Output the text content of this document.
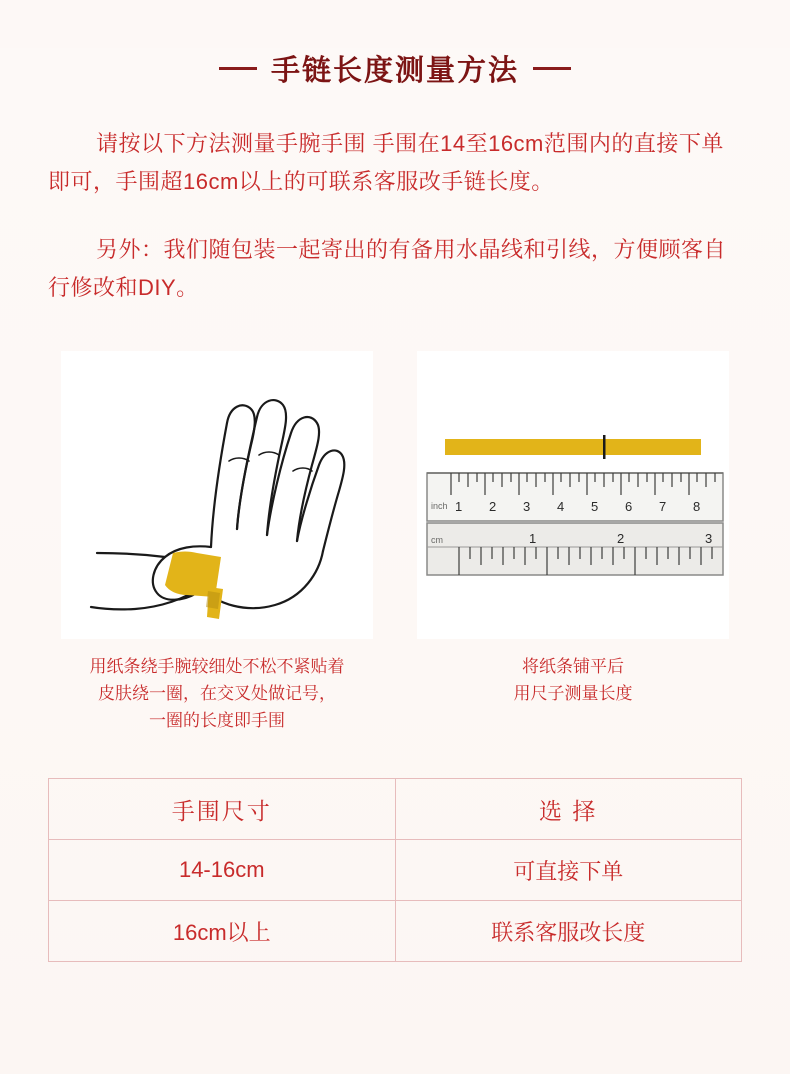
手链长度测量方法

请按以下方法测量手腕手围 手围在14至16cm范围内的直接下单即可，手围超16cm以上的可联系客服改手链长度。

另外：我们随包装一起寄出的有备用水晶线和引线，方便顾客自行修改和DIY。

用纸条绕手腕较细处不松不紧贴着
皮肤绕一圈，在交叉处做记号，
一圈的长度即手围
1 2 3 4 5 6 7 8
inch
1	2	3
cm
将纸条铺平后
用尺子测量长度
手围尺寸	选 择
14-16cm	可直接下单
16cm以上	联系客服改长度
